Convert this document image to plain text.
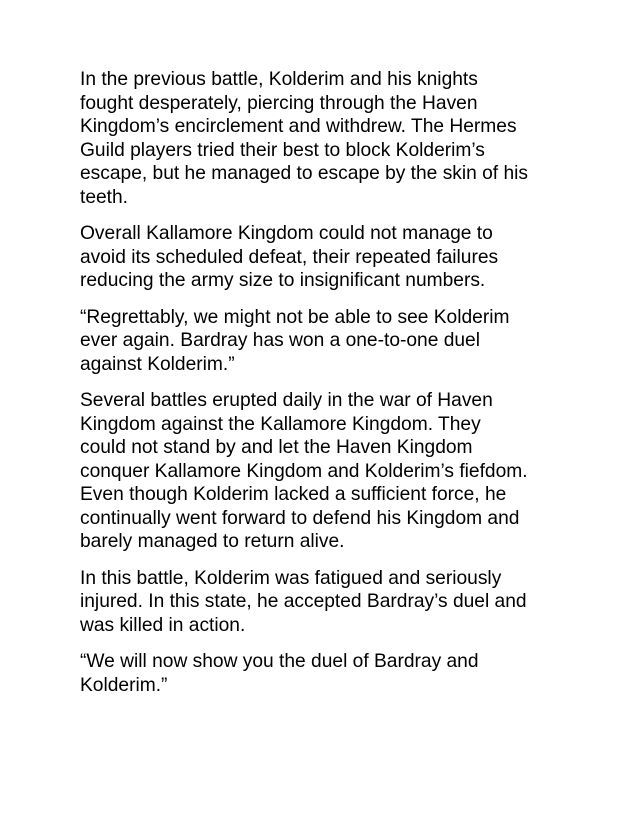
In the previous battle, Kolderim and his knights
fought desperately, piercing through the Haven
Kingdom’s encirclement and withdrew. The Hermes
Guild players tried their best to block Kolderim’s
escape, but he managed to escape by the skin of his
teeth.

Overall Kallamore Kingdom could not manage to
avoid its scheduled defeat, their repeated failures
reducing the army size to insignificant numbers.

“Regrettably, we might not be able to see Kolderim
ever again. Bardray has won a one-to-one duel
against Kolderim.”

Several battles erupted daily in the war of Haven
Kingdom against the Kallamore Kingdom. They
could not stand by and let the Haven Kingdom
conquer Kallamore Kingdom and Kolderim’s fiefdom.
Even though Kolderim lacked a sufficient force, he
continually went forward to defend his Kingdom and
barely managed to return alive.

In this battle, Kolderim was fatigued and seriously
injured. In this state, he accepted Bardray’s duel and
was killed in action.

“We will now show you the duel of Bardray and
Kolderim.”
